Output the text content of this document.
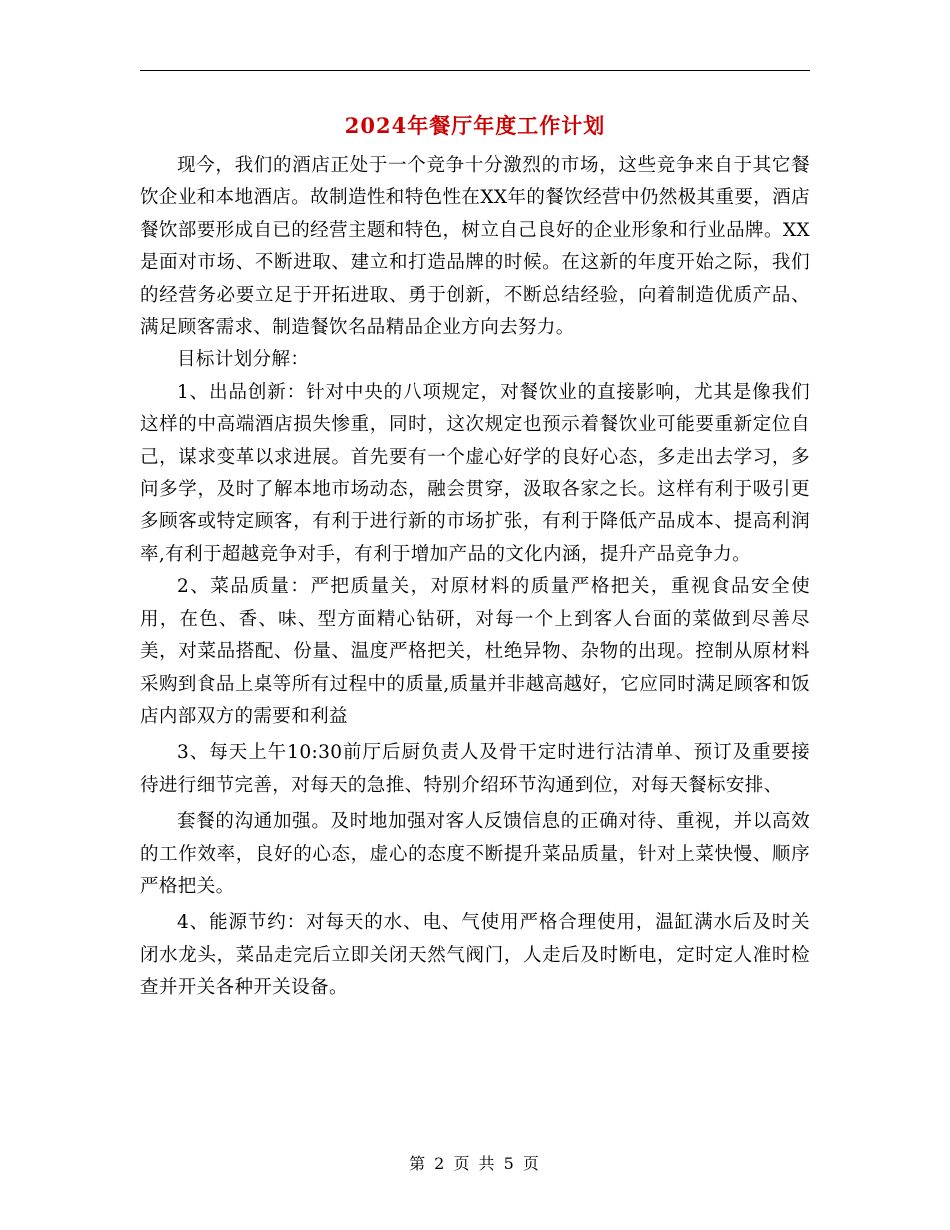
2024年餐厅年度工作计划

现今，我们的酒店正处于一个竞争十分激烈的市场，这些竞争来自于其它餐饮企业和本地酒店。故制造性和特色性在XX年的餐饮经营中仍然极其重要，酒店餐饮部要形成自已的经营主题和特色，树立自己良好的企业形象和行业品牌。XX是面对市场、不断进取、建立和打造品牌的时候。在这新的年度开始之际，我们的经营务必要立足于开拓进取、勇于创新，不断总结经验，向着制造优质产品、满足顾客需求、制造餐饮名品精品企业方向去努力。

目标计划分解：

1、出品创新：针对中央的八项规定，对餐饮业的直接影响，尤其是像我们这样的中高端酒店损失惨重，同时，这次规定也预示着餐饮业可能要重新定位自己，谋求变革以求进展。首先要有一个虚心好学的良好心态，多走出去学习，多问多学，及时了解本地市场动态，融会贯穿，汲取各家之长。这样有利于吸引更多顾客或特定顾客，有利于进行新的市场扩张，有利于降低产品成本、提高利润率,有利于超越竞争对手，有利于增加产品的文化内涵，提升产品竞争力。

2、菜品质量：严把质量关，对原材料的质量严格把关，重视食品安全使用，在色、香、味、型方面精心钻研，对每一个上到客人台面的菜做到尽善尽美，对菜品搭配、份量、温度严格把关，杜绝异物、杂物的出现。控制从原材料采购到食品上桌等所有过程中的质量,质量并非越高越好，它应同时满足顾客和饭店内部双方的需要和利益

3、每天上午10:30前厅后厨负责人及骨干定时进行沽清单、预订及重要接待进行细节完善，对每天的急推、特别介绍环节沟通到位，对每天餐标安排、

套餐的沟通加强。及时地加强对客人反馈信息的正确对待、重视，并以高效的工作效率，良好的心态，虚心的态度不断提升菜品质量，针对上菜快慢、顺序严格把关。

4、能源节约：对每天的水、电、气使用严格合理使用，温缸满水后及时关闭水龙头，菜品走完后立即关闭天然气阀门，人走后及时断电，定时定人准时检查并开关各种开关设备。

第 2 页 共 5 页
